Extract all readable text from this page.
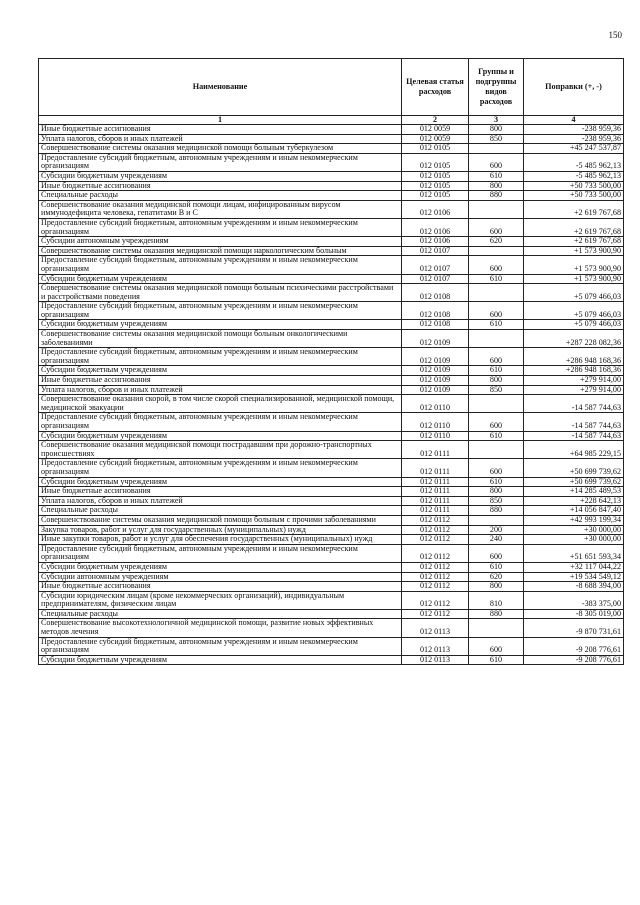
150
Наименование	Целевая статья расходов	Группы и подгруппы видов расходов	Поправки (+, -)
1	2	3	4
Иные бюджетные ассигнования	012 0059	800	-238 959,36
Уплата налогов, сборов и иных платежей	012 0059	850	-238 959,36
Совершенствование системы оказания медицинской помощи больным туберкулезом	012 0105		+45 247 537,87
Предоставление субсидий бюджетным, автономным учреждениям и иным некоммерческим организациям	012 0105	600	-5 485 962,13
Субсидии бюджетным учреждениям	012 0105	610	-5 485 962,13
Иные бюджетные ассигнования	012 0105	800	+50 733 500,00
Специальные расходы	012 0105	880	+50 733 500,00
Совершенствование оказания медицинской помощи лицам, инфицированным вирусом иммунодефицита человека, гепатитами В и С	012 0106		+2 619 767,68
Предоставление субсидий бюджетным, автономным учреждениям и иным некоммерческим организациям	012 0106	600	+2 619 767,68
Субсидии автономным учреждениям	012 0106	620	+2 619 767,68
Совершенствование системы оказания медицинской помощи наркологическим больным	012 0107		+1 573 900,90
Предоставление субсидий бюджетным, автономным учреждениям и иным некоммерческим организациям	012 0107	600	+1 573 900,90
Субсидии бюджетным учреждениям	012 0107	610	+1 573 900,90
Совершенствование системы оказания медицинской помощи больным психическими расстройствами и расстройствами поведения	012 0108		+5 079 466,03
Предоставление субсидий бюджетным, автономным учреждениям и иным некоммерческим организациям	012 0108	600	+5 079 466,03
Субсидии бюджетным учреждениям	012 0108	610	+5 079 466,03
Совершенствование системы оказания медицинской помощи больным онкологическими заболеваниями	012 0109		+287 228 082,36
Предоставление субсидий бюджетным, автономным учреждениям и иным некоммерческим организациям	012 0109	600	+286 948 168,36
Субсидии бюджетным учреждениям	012 0109	610	+286 948 168,36
Иные бюджетные ассигнования	012 0109	800	+279 914,00
Уплата налогов, сборов и иных платежей	012 0109	850	+279 914,00
Совершенствование оказания скорой, в том числе скорой специализированной, медицинской помощи, медицинской эвакуации	012 0110		-14 587 744,63
Предоставление субсидий бюджетным, автономным учреждениям и иным некоммерческим организациям	012 0110	600	-14 587 744,63
Субсидии бюджетным учреждениям	012 0110	610	-14 587 744,63
Совершенствование оказания медицинской помощи пострадавшим при дорожно-транспортных происшествиях	012 0111		+64 985 229,15
Предоставление субсидий бюджетным, автономным учреждениям и иным некоммерческим организациям	012 0111	600	+50 699 739,62
Субсидии бюджетным учреждениям	012 0111	610	+50 699 739,62
Иные бюджетные ассигнования	012 0111	800	+14 285 489,53
Уплата налогов, сборов и иных платежей	012 0111	850	+228 642,13
Специальные расходы	012 0111	880	+14 056 847,40
Совершенствование системы оказания медицинской помощи больным с прочими заболеваниями	012 0112		+42 993 199,34
Закупка товаров, работ и услуг для государственных (муниципальных) нужд	012 0112	200	+30 000,00
Иные закупки товаров, работ и услуг для обеспечения государственных (муниципальных) нужд	012 0112	240	+30 000,00
Предоставление субсидий бюджетным, автономным учреждениям и иным некоммерческим организациям	012 0112	600	+51 651 593,34
Субсидии бюджетным учреждениям	012 0112	610	+32 117 044,22
Субсидии автономным учреждениям	012 0112	620	+19 534 549,12
Иные бюджетные ассигнования	012 0112	800	-8 688 394,00
Субсидии юридическим лицам (кроме некоммерческих организаций), индивидуальным предпринимателям, физическим лицам	012 0112	810	-383 375,00
Специальные расходы	012 0112	880	-8 305 019,00
Совершенствование высокотехнологичной медицинской помощи, развитие новых эффективных методов лечения	012 0113		-9 870 731,61
Предоставление субсидий бюджетным, автономным учреждениям и иным некоммерческим организациям	012 0113	600	-9 208 776,61
Субсидии бюджетным учреждениям	012 0113	610	-9 208 776,61
